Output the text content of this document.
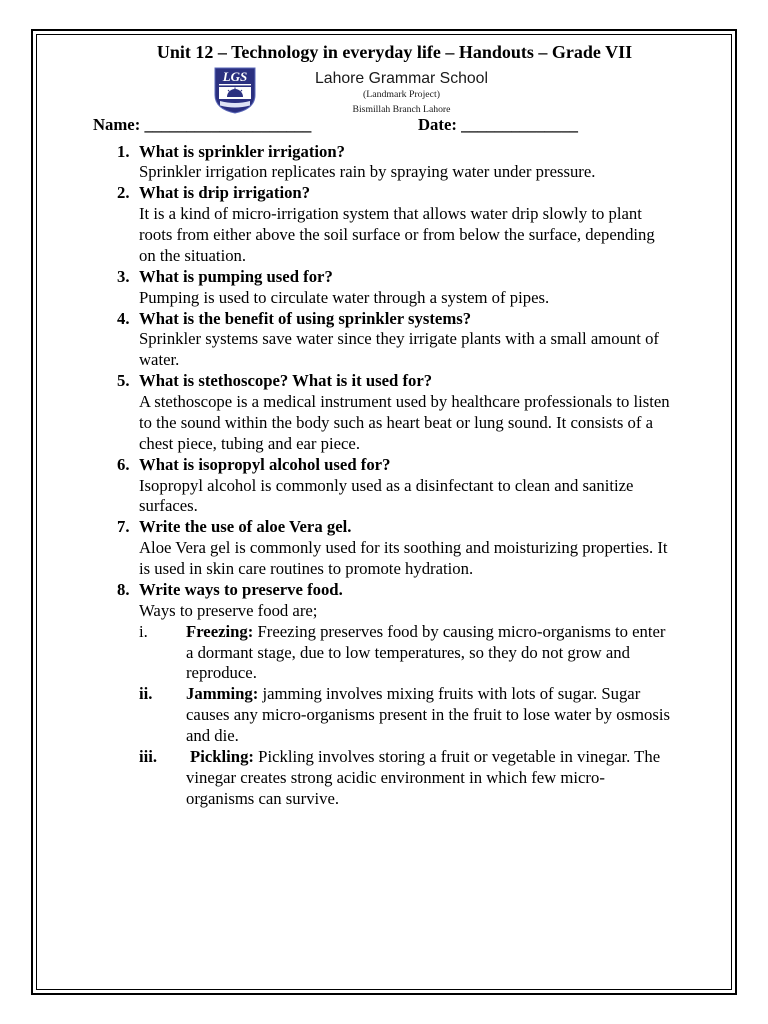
Unit 12 – Technology in everyday life – Handouts – Grade VII
LGS	Lahore Grammar School
(Landmark Project)
Bismillah Branch Lahore
Name: ____________________	Date: ______________
1. What is sprinkler irrigation?
Sprinkler irrigation replicates rain by spraying water under pressure.
2. What is drip irrigation?
It is a kind of micro-irrigation system that allows water drip slowly to plant
roots from either above the soil surface or from below the surface, depending
on the situation.
3. What is pumping used for?
Pumping is used to circulate water through a system of pipes.
4. What is the benefit of using sprinkler systems?
Sprinkler systems save water since they irrigate plants with a small amount of
water.
5. What is stethoscope? What is it used for?
A stethoscope is a medical instrument used by healthcare professionals to listen
to the sound within the body such as heart beat or lung sound. It consists of a
chest piece, tubing and ear piece.
6. What is isopropyl alcohol used for?
Isopropyl alcohol is commonly used as a disinfectant to clean and sanitize
surfaces.
7. Write the use of aloe Vera gel.
Aloe Vera gel is commonly used for its soothing and moisturizing properties. It
is used in skin care routines to promote hydration.
8. Write ways to preserve food.
Ways to preserve food are;
i. Freezing: Freezing preserves food by causing micro-organisms to enter
a dormant stage, due to low temperatures, so they do not grow and
reproduce.
ii. Jamming: jamming involves mixing fruits with lots of sugar. Sugar
causes any micro-organisms present in the fruit to lose water by osmosis
and die.
iii. Pickling: Pickling involves storing a fruit or vegetable in vinegar. The
vinegar creates strong acidic environment in which few micro-
organisms can survive.
